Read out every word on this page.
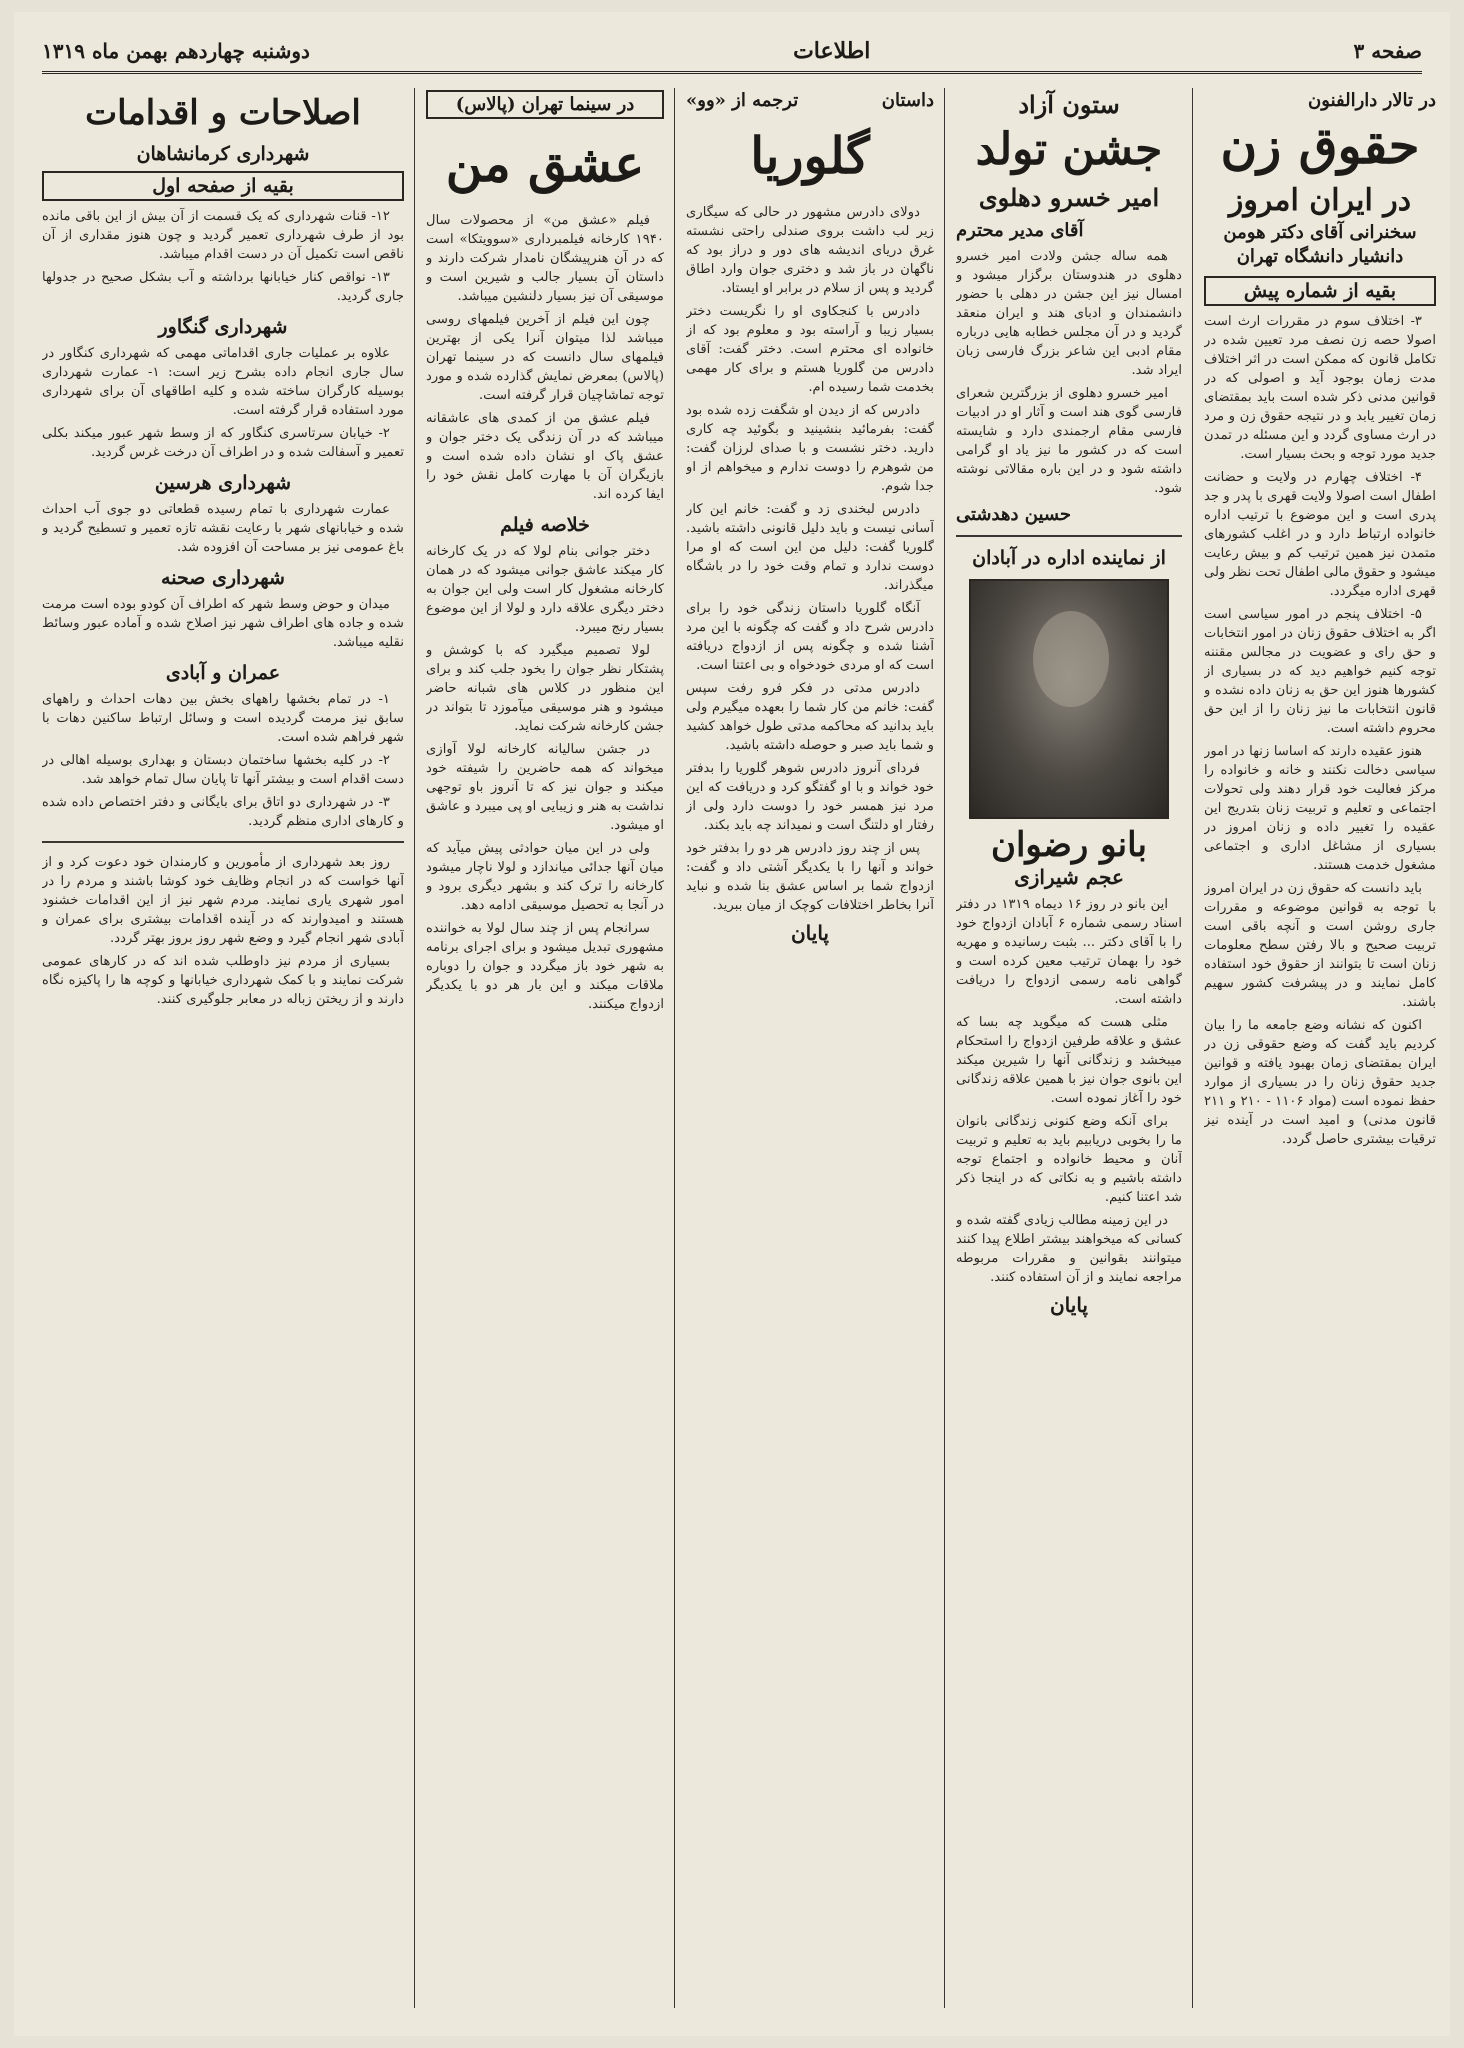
صفحه ۳
اطلاعات
دوشنبه چهاردهم بهمن ماه ۱۳۱۹
در تالار دارالفنون
حقوق زن
در ایران امروز
سخنرانی آقای دکتر هومن
دانشیار دانشگاه تهران
بقیه از شماره پیش

۳- اختلاف سوم در مقررات ارث است اصولا حصه زن نصف مرد تعیین شده در تکامل قانون که ممکن است در اثر اختلاف مدت زمان بوجود آید و اصولی که در قوانین مدنی ذکر شده است باید بمقتضای زمان تغییر یابد و در نتیجه حقوق زن و مرد در ارث مساوی گردد و این مسئله در تمدن جدید مورد توجه و بحث بسیار است.

۴- اختلاف چهارم در ولایت و حضانت اطفال است اصولا ولایت قهری با پدر و جد پدری است و این موضوع با ترتیب اداره خانواده ارتباط دارد و در اغلب کشورهای متمدن نیز همین ترتیب کم و بیش رعایت میشود و حقوق مالی اطفال تحت نظر ولی قهری اداره میگردد.

۵- اختلاف پنجم در امور سیاسی است اگر به اختلاف حقوق زنان در امور انتخابات و حق رای و عضویت در مجالس مقننه توجه کنیم خواهیم دید که در بسیاری از کشورها هنوز این حق به زنان داده نشده و قانون انتخابات ما نیز زنان را از این حق محروم داشته است.

هنوز عقیده دارند که اساسا زنها در امور سیاسی دخالت نکنند و خانه و خانواده را مرکز فعالیت خود قرار دهند ولی تحولات اجتماعی و تعلیم و تربیت زنان بتدریج این عقیده را تغییر داده و زنان امروز در بسیاری از مشاغل اداری و اجتماعی مشغول خدمت هستند.

باید دانست که حقوق زن در ایران امروز با توجه به قوانین موضوعه و مقررات جاری روشن است و آنچه باقی است تربیت صحیح و بالا رفتن سطح معلومات زنان است تا بتوانند از حقوق خود استفاده کامل نمایند و در پیشرفت کشور سهیم باشند.

اکنون که نشانه وضع جامعه ما را بیان کردیم باید گفت که وضع حقوقی زن در ایران بمقتضای زمان بهبود یافته و قوانین جدید حقوق زنان را در بسیاری از موارد حفظ نموده است (مواد ۱۱۰۶ - ۲۱۰ و ۲۱۱ قانون مدنی) و امید است در آینده نیز ترقیات بیشتری حاصل گردد.

ستون آزاد
جشن تولد
امیر خسرو دهلوی
آقای مدیر محترم

همه ساله جشن ولادت امیر خسرو دهلوی در هندوستان برگزار میشود و امسال نیز این جشن در دهلی با حضور دانشمندان و ادبای هند و ایران منعقد گردید و در آن مجلس خطابه هایی درباره مقام ادبی این شاعر بزرگ فارسی زبان ایراد شد.

امیر خسرو دهلوی از بزرگترین شعرای فارسی گوی هند است و آثار او در ادبیات فارسی مقام ارجمندی دارد و شایسته است که در کشور ما نیز یاد او گرامی داشته شود و در این باره مقالاتی نوشته شود.

حسین دهدشتی
از نماینده اداره در آبادان
بانو رضوان
عجم شیرازی

این بانو در روز ۱۶ دیماه ۱۳۱۹ در دفتر اسناد رسمی شماره ۶ آبادان ازدواج خود را با آقای دکتر ... بثبت رسانیده و مهریه خود را بهمان ترتیب معین کرده است و گواهی نامه رسمی ازدواج را دریافت داشته است.

مثلی هست که میگوید چه بسا که عشق و علاقه طرفین ازدواج را استحکام میبخشد و زندگانی آنها را شیرین میکند این بانوی جوان نیز با همین علاقه زندگانی خود را آغاز نموده است.

برای آنکه وضع کنونی زندگانی بانوان ما را بخوبی دریابیم باید به تعلیم و تربیت آنان و محیط خانواده و اجتماع توجه داشته باشیم و به نکاتی که در اینجا ذکر شد اعتنا کنیم.

در این زمینه مطالب زیادی گفته شده و کسانی که میخواهند بیشتر اطلاع پیدا کنند میتوانند بقوانین و مقررات مربوطه مراجعه نمایند و از آن استفاده کنند.

پایان
داستان
ترجمه از «وو»
گلوریا

دولای دادرس مشهور در حالی که سیگاری زیر لب داشت بروی صندلی راحتی نشسته غرق دریای اندیشه های دور و دراز بود که ناگهان در باز شد و دختری جوان وارد اطاق گردید و پس از سلام در برابر او ایستاد.

دادرس با کنجکاوی او را نگریست دختر بسیار زیبا و آراسته بود و معلوم بود که از خانواده ای محترم است. دختر گفت: آقای دادرس من گلوریا هستم و برای کار مهمی بخدمت شما رسیده ام.

دادرس که از دیدن او شگفت زده شده بود گفت: بفرمائید بنشینید و بگوئید چه کاری دارید. دختر نشست و با صدای لرزان گفت: من شوهرم را دوست ندارم و میخواهم از او جدا شوم.

دادرس لبخندی زد و گفت: خانم این کار آسانی نیست و باید دلیل قانونی داشته باشید. گلوریا گفت: دلیل من این است که او مرا دوست ندارد و تمام وقت خود را در باشگاه میگذراند.

آنگاه گلوریا داستان زندگی خود را برای دادرس شرح داد و گفت که چگونه با این مرد آشنا شده و چگونه پس از ازدواج دریافته است که او مردی خودخواه و بی اعتنا است.

دادرس مدتی در فکر فرو رفت سپس گفت: خانم من کار شما را بعهده میگیرم ولی باید بدانید که محاکمه مدتی طول خواهد کشید و شما باید صبر و حوصله داشته باشید.

فردای آنروز دادرس شوهر گلوریا را بدفتر خود خواند و با او گفتگو کرد و دریافت که این مرد نیز همسر خود را دوست دارد ولی از رفتار او دلتنگ است و نمیداند چه باید بکند.

پس از چند روز دادرس هر دو را بدفتر خود خواند و آنها را با یکدیگر آشتی داد و گفت: ازدواج شما بر اساس عشق بنا شده و نباید آنرا بخاطر اختلافات کوچک از میان ببرید.

پایان
در سینما تهران (پالاس)
عشق من

فیلم «عشق من» از محصولات سال ۱۹۴۰ کارخانه فیلمبرداری «سوویتکا» است که در آن هنرپیشگان نامدار شرکت دارند و داستان آن بسیار جالب و شیرین است و موسیقی آن نیز بسیار دلنشین میباشد.

چون این فیلم از آخرین فیلمهای روسی میباشد لذا میتوان آنرا یکی از بهترین فیلمهای سال دانست که در سینما تهران (پالاس) بمعرض نمایش گذارده شده و مورد توجه تماشاچیان قرار گرفته است.

فیلم عشق من از کمدی های عاشقانه میباشد که در آن زندگی یک دختر جوان و عشق پاک او نشان داده شده است و بازیگران آن با مهارت کامل نقش خود را ایفا کرده اند.

خلاصه فیلم

دختر جوانی بنام لولا که در یک کارخانه کار میکند عاشق جوانی میشود که در همان کارخانه مشغول کار است ولی این جوان به دختر دیگری علاقه دارد و لولا از این موضوع بسیار رنج میبرد.

لولا تصمیم میگیرد که با کوشش و پشتکار نظر جوان را بخود جلب کند و برای این منظور در کلاس های شبانه حاضر میشود و هنر موسیقی میآموزد تا بتواند در جشن کارخانه شرکت نماید.

در جشن سالیانه کارخانه لولا آوازی میخواند که همه حاضرین را شیفته خود میکند و جوان نیز که تا آنروز باو توجهی نداشت به هنر و زیبایی او پی میبرد و عاشق او میشود.

ولی در این میان حوادثی پیش میآید که میان آنها جدائی میاندازد و لولا ناچار میشود کارخانه را ترک کند و بشهر دیگری برود و در آنجا به تحصیل موسیقی ادامه دهد.

سرانجام پس از چند سال لولا به خواننده مشهوری تبدیل میشود و برای اجرای برنامه به شهر خود باز میگردد و جوان را دوباره ملاقات میکند و این بار هر دو با یکدیگر ازدواج میکنند.

اصلاحات و اقدامات
شهرداری کرمانشاهان
بقیه از صفحه اول

۱۲- قنات شهرداری که یک قسمت از آن بیش از این باقی مانده بود از طرف شهرداری تعمیر گردید و چون هنوز مقداری از آن ناقص است تکمیل آن در دست اقدام میباشد.

۱۳- نواقص کنار خیابانها برداشته و آب بشکل صحیح در جدولها جاری گردید.

شهرداری گنگاور

علاوه بر عملیات جاری اقداماتی مهمی که شهرداری کنگاور در سال جاری انجام داده بشرح زیر است: ۱- عمارت شهرداری بوسیله کارگران ساخته شده و کلیه اطاقهای آن برای شهرداری مورد استفاده قرار گرفته است.

۲- خیابان سرتاسری کنگاور که از وسط شهر عبور میکند بکلی تعمیر و آسفالت شده و در اطراف آن درخت غرس گردید.

شهرداری هرسین

عمارت شهرداری با تمام رسیده قطعاتی دو جوی آب احداث شده و خیابانهای شهر با رعایت نقشه تازه تعمیر و تسطیح گردید و باغ عمومی نیز بر مساحت آن افزوده شد.

شهرداری صحنه

میدان و حوض وسط شهر که اطراف آن کودو بوده است مرمت شده و جاده های اطراف شهر نیز اصلاح شده و آماده عبور وسائط نقلیه میباشد.

عمران و آبادی

۱- در تمام بخشها راههای بخش بین دهات احداث و راههای سابق نیز مرمت گردیده است و وسائل ارتباط ساکنین دهات با شهر فراهم شده است.

۲- در کلیه بخشها ساختمان دبستان و بهداری بوسیله اهالی در دست اقدام است و بیشتر آنها تا پایان سال تمام خواهد شد.

۳- در شهرداری دو اتاق برای بایگانی و دفتر اختصاص داده شده و کارهای اداری منظم گردید.

روز بعد شهرداری از مأمورین و کارمندان خود دعوت کرد و از آنها خواست که در انجام وظایف خود کوشا باشند و مردم را در امور شهری یاری نمایند. مردم شهر نیز از این اقدامات خشنود هستند و امیدوارند که در آینده اقدامات بیشتری برای عمران و آبادی شهر انجام گیرد و وضع شهر روز بروز بهتر گردد.

بسیاری از مردم نیز داوطلب شده اند که در کارهای عمومی شرکت نمایند و با کمک شهرداری خیابانها و کوچه ها را پاکیزه نگاه دارند و از ریختن زباله در معابر جلوگیری کنند.
